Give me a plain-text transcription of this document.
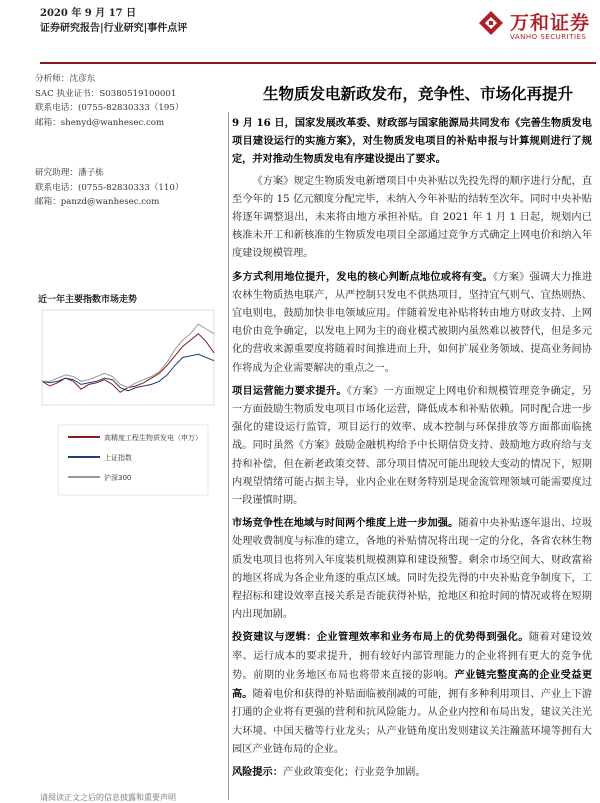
2020 年 9 月 17 日
证券研究报告|行业研究|事件点评	万和证券
VANHO SECURITIES
分析师：沈彦东
SAC 执业证书：S0380519100001
联系电话：(0755-82830333（195）
邮箱：shenyd@wanhesec.com
研究助理：潘子栋
联系电话：(0755-82830333（110）
邮箱：panzd@wanhesec.com
近一年主要指数市场走势
高精度工程生物质发电（申万）
上证指数
沪深300
生物质发电新政发布，竞争性、市场化再提升

9 月 16 日，国家发展改革委、财政部与国家能源局共同发布《完善生物质发电项目建设运行的实施方案》，对生物质发电项目的补贴申报与计算规则进行了规定，并对推动生物质发电有序建设提出了要求。

《方案》规定生物质发电新增项目中央补贴以先投先得的顺序进行分配，直至今年的 15 亿元额度分配完毕，未纳入今年补贴的结转至次年。同时中央补贴将逐年调整退出，未来将由地方承担补贴。自 2021 年 1 月 1 日起，规划内已核准未开工和新核准的生物质发电项目全部通过竞争方式确定上网电价和纳入年度建设规模管理。

多方式利用地位提升，发电的核心判断点地位或将有变。《方案》强调大力推进农林生物质热电联产，从严控制只发电不供热项目，坚持宜气则气、宜热则热、宜电则电，鼓励加快非电领域应用。伴随着发电补贴将转由地方财政支持、上网电价由竞争确定，以发电上网为主的商业模式被期内虽然难以被替代，但是多元化的营收来源重要度将随着时间推进而上升，如何扩展业务领域、提高业务间协作将成为企业需要解决的重点之一。

项目运营能力要求提升。《方案》一方面规定上网电价和规模管理竞争确定，另一方面鼓励生物质发电项目市场化运营，降低成本和补贴依赖。同时配合进一步强化的建设运行监管，项目运行的效率、成本控制与环保排放等方面都面临挑战。同时虽然《方案》鼓励金融机构给予中长期信贷支持、鼓励地方政府给与支持和补偿，但在新老政策交替、部分项目情况可能出现较大变动的情况下，短期内观望情绪可能占据主导，业内企业在财务特别是现金流管理领域可能需要度过一段谨慎时期。

市场竞争性在地域与时间两个维度上进一步加强。随着中央补贴逐年退出、垃圾处理收费制度与标准的建立，各地的补贴情况将出现一定的分化，各省农林生物质发电项目也将列入年度装机规模测算和建设预警。剩余市场空间大、财政富裕的地区将成为各企业角逐的重点区域。同时先投先得的中央补贴竞争制度下，工程招标和建设效率直接关系是否能获得补贴，抢地区和抢时间的情况或将在短期内出现加剧。

投资建议与逻辑：企业管理效率和业务布局上的优势得到强化。随着对建设效率、运行成本的要求提升，拥有较好内部管理能力的企业将拥有更大的竞争优势。前期的业务地区布局也将带来直接的影响。产业链完整度高的企业受益更高。随着电价和获得的补贴面临被削减的可能，拥有多种利用项目、产业上下游打通的企业将有更强的营利和抗风险能力。从企业内控和布局出发，建议关注光大环境、中国天楹等行业龙头；从产业链角度出发则建议关注瀚蓝环境等拥有大园区产业链布局的企业。

风险提示：产业政策变化；行业竞争加剧。

请阅读正文之后的信息披露和重要声明
